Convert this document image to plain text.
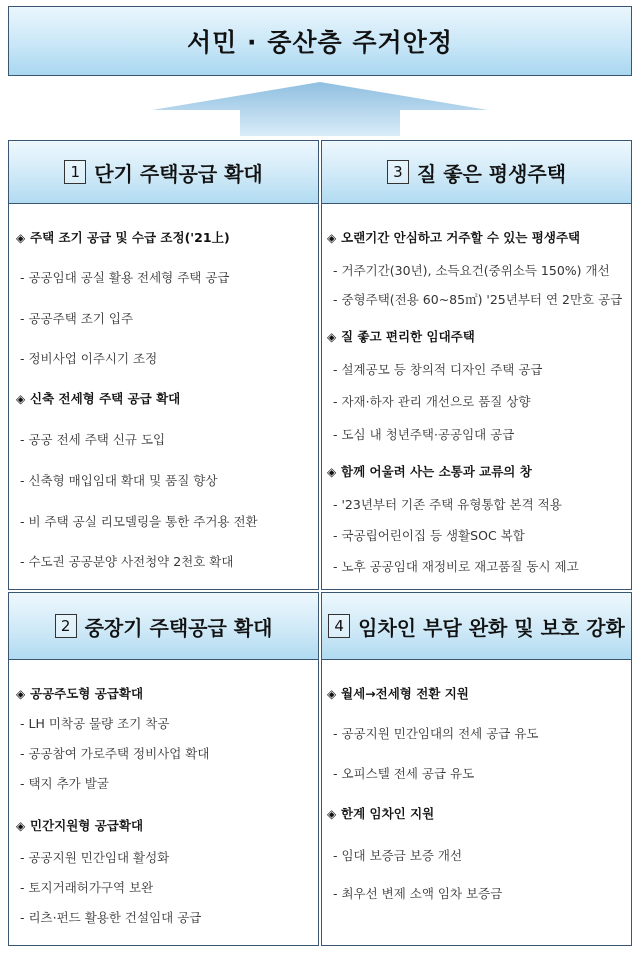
서민 · 중산층 주거안정
1 단기 주택공급 확대	3 질 좋은 평생주택
2 중장기 주택공급 확대	4 임차인 부담 완화 및 보호 강화
◈ 주택 조기 공급 및 수급 조정('21上)
- 공공임대 공실 활용 전세형 주택 공급
- 공공주택 조기 입주
- 정비사업 이주시기 조정
◈ 신축 전세형 주택 공급 확대
- 공공 전세 주택 신규 도입
- 신축형 매입임대 확대 및 품질 향상
- 비 주택 공실 리모델링을 통한 주거용 전환
- 수도권 공공분양 사전청약 2천호 확대
◈ 오랜기간 안심하고 거주할 수 있는 평생주택
- 거주기간(30년), 소득요건(중위소득 150%) 개선
- 중형주택(전용 60~85㎡) '25년부터 연 2만호 공급
◈ 질 좋고 편리한 임대주택
- 설계공모 등 창의적 디자인 주택 공급
- 자재·하자 관리 개선으로 품질 상향
- 도심 내 청년주택·공공임대 공급
◈ 함께 어울려 사는 소통과 교류의 창
- '23년부터 기존 주택 유형통합 본격 적용
- 국공립어린이집 등 생활SOC 복합
- 노후 공공임대 재정비로 재고품질 동시 제고
◈ 공공주도형 공급확대
- LH 미착공 물량 조기 착공
- 공공참여 가로주택 정비사업 확대
- 택지 추가 발굴
◈ 민간지원형 공급확대
- 공공지원 민간임대 활성화
- 토지거래허가구역 보완
- 리츠·펀드 활용한 건설임대 공급
◈ 월세→전세형 전환 지원
- 공공지원 민간임대의 전세 공급 유도
- 오피스텔 전세 공급 유도
◈ 한계 임차인 지원
- 임대 보증금 보증 개선
- 최우선 변제 소액 임차 보증금
